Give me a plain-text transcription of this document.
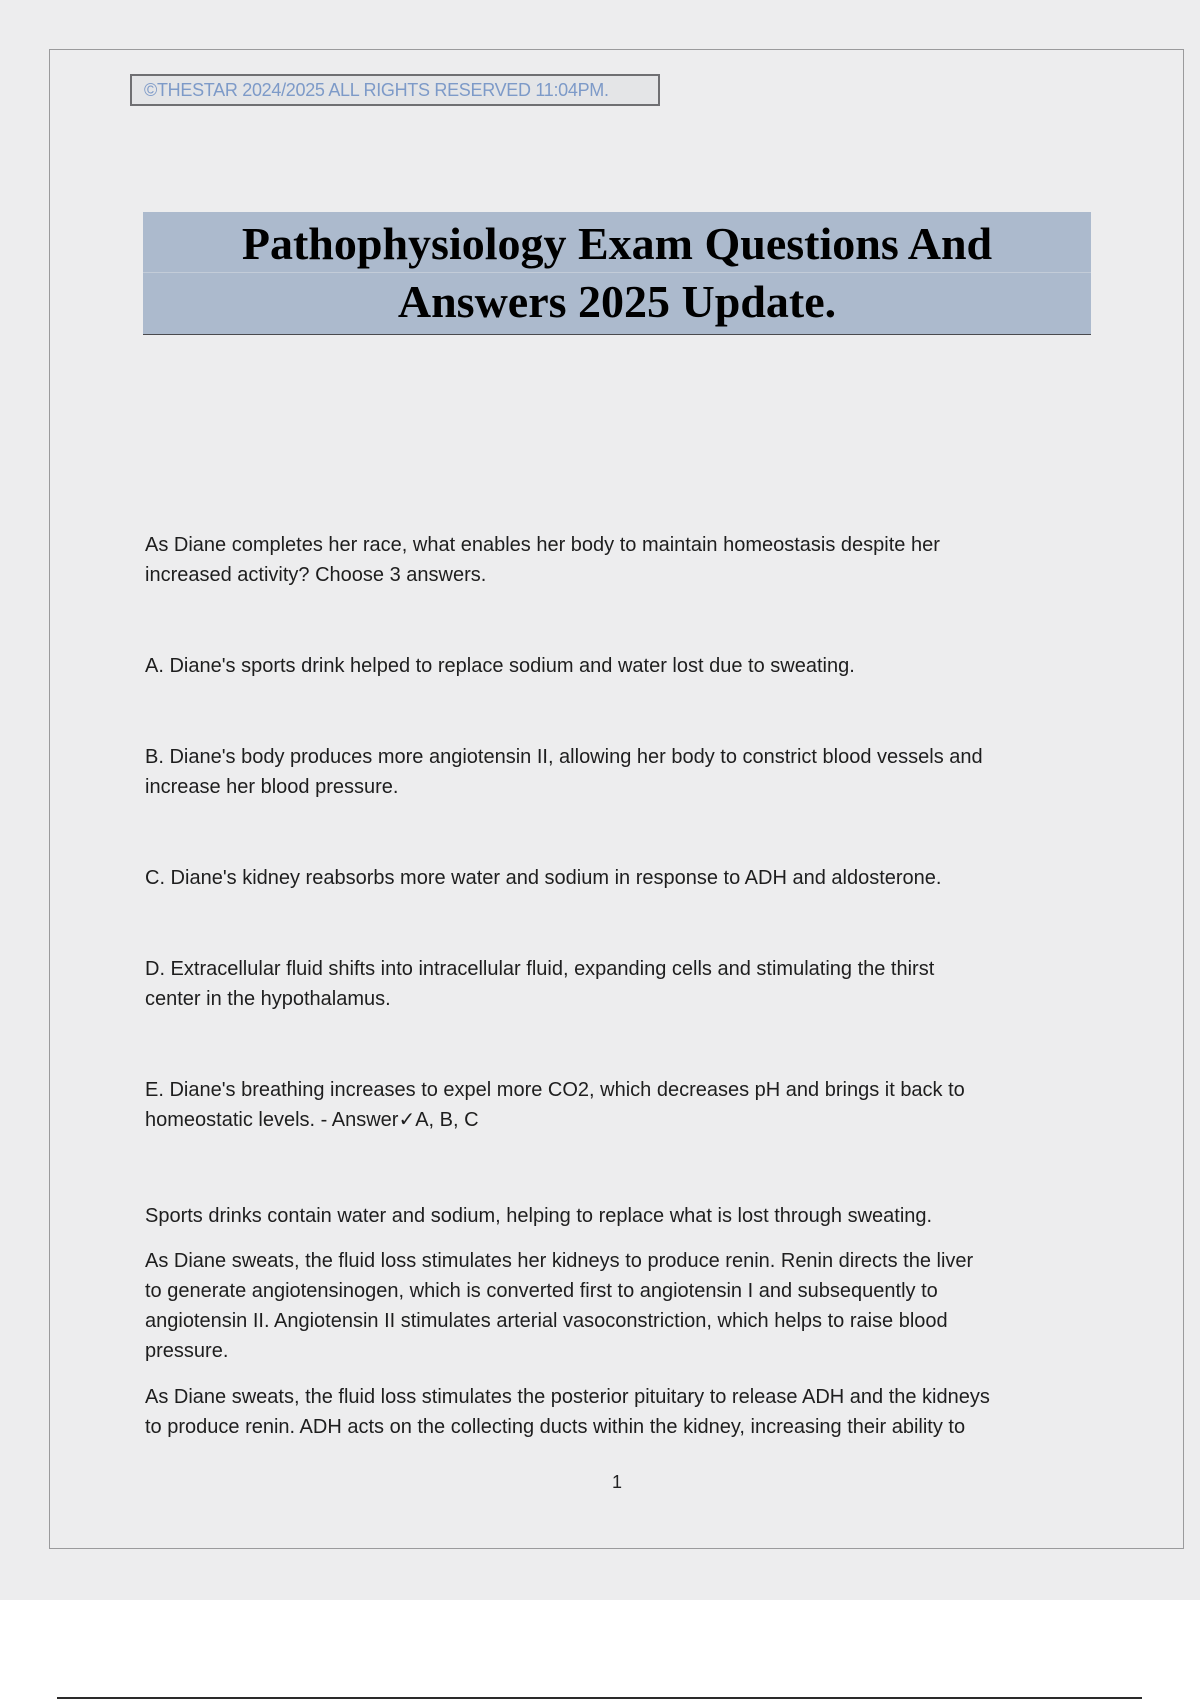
©THESTAR 2024/2025 ALL RIGHTS RESERVED 11:04PM.
Pathophysiology Exam Questions And
Answers 2025 Update.
As Diane completes her race, what enables her body to maintain homeostasis despite her
increased activity? Choose 3 answers.
A. Diane's sports drink helped to replace sodium and water lost due to sweating.
B. Diane's body produces more angiotensin II, allowing her body to constrict blood vessels and
increase her blood pressure.
C. Diane's kidney reabsorbs more water and sodium in response to ADH and aldosterone.
D. Extracellular fluid shifts into intracellular fluid, expanding cells and stimulating the thirst
center in the hypothalamus.
E. Diane's breathing increases to expel more CO2, which decreases pH and brings it back to
homeostatic levels. - Answer✓A, B, C
Sports drinks contain water and sodium, helping to replace what is lost through sweating.
As Diane sweats, the fluid loss stimulates her kidneys to produce renin. Renin directs the liver
to generate angiotensinogen, which is converted first to angiotensin I and subsequently to
angiotensin II. Angiotensin II stimulates arterial vasoconstriction, which helps to raise blood
pressure.
As Diane sweats, the fluid loss stimulates the posterior pituitary to release ADH and the kidneys
to produce renin. ADH acts on the collecting ducts within the kidney, increasing their ability to
1
